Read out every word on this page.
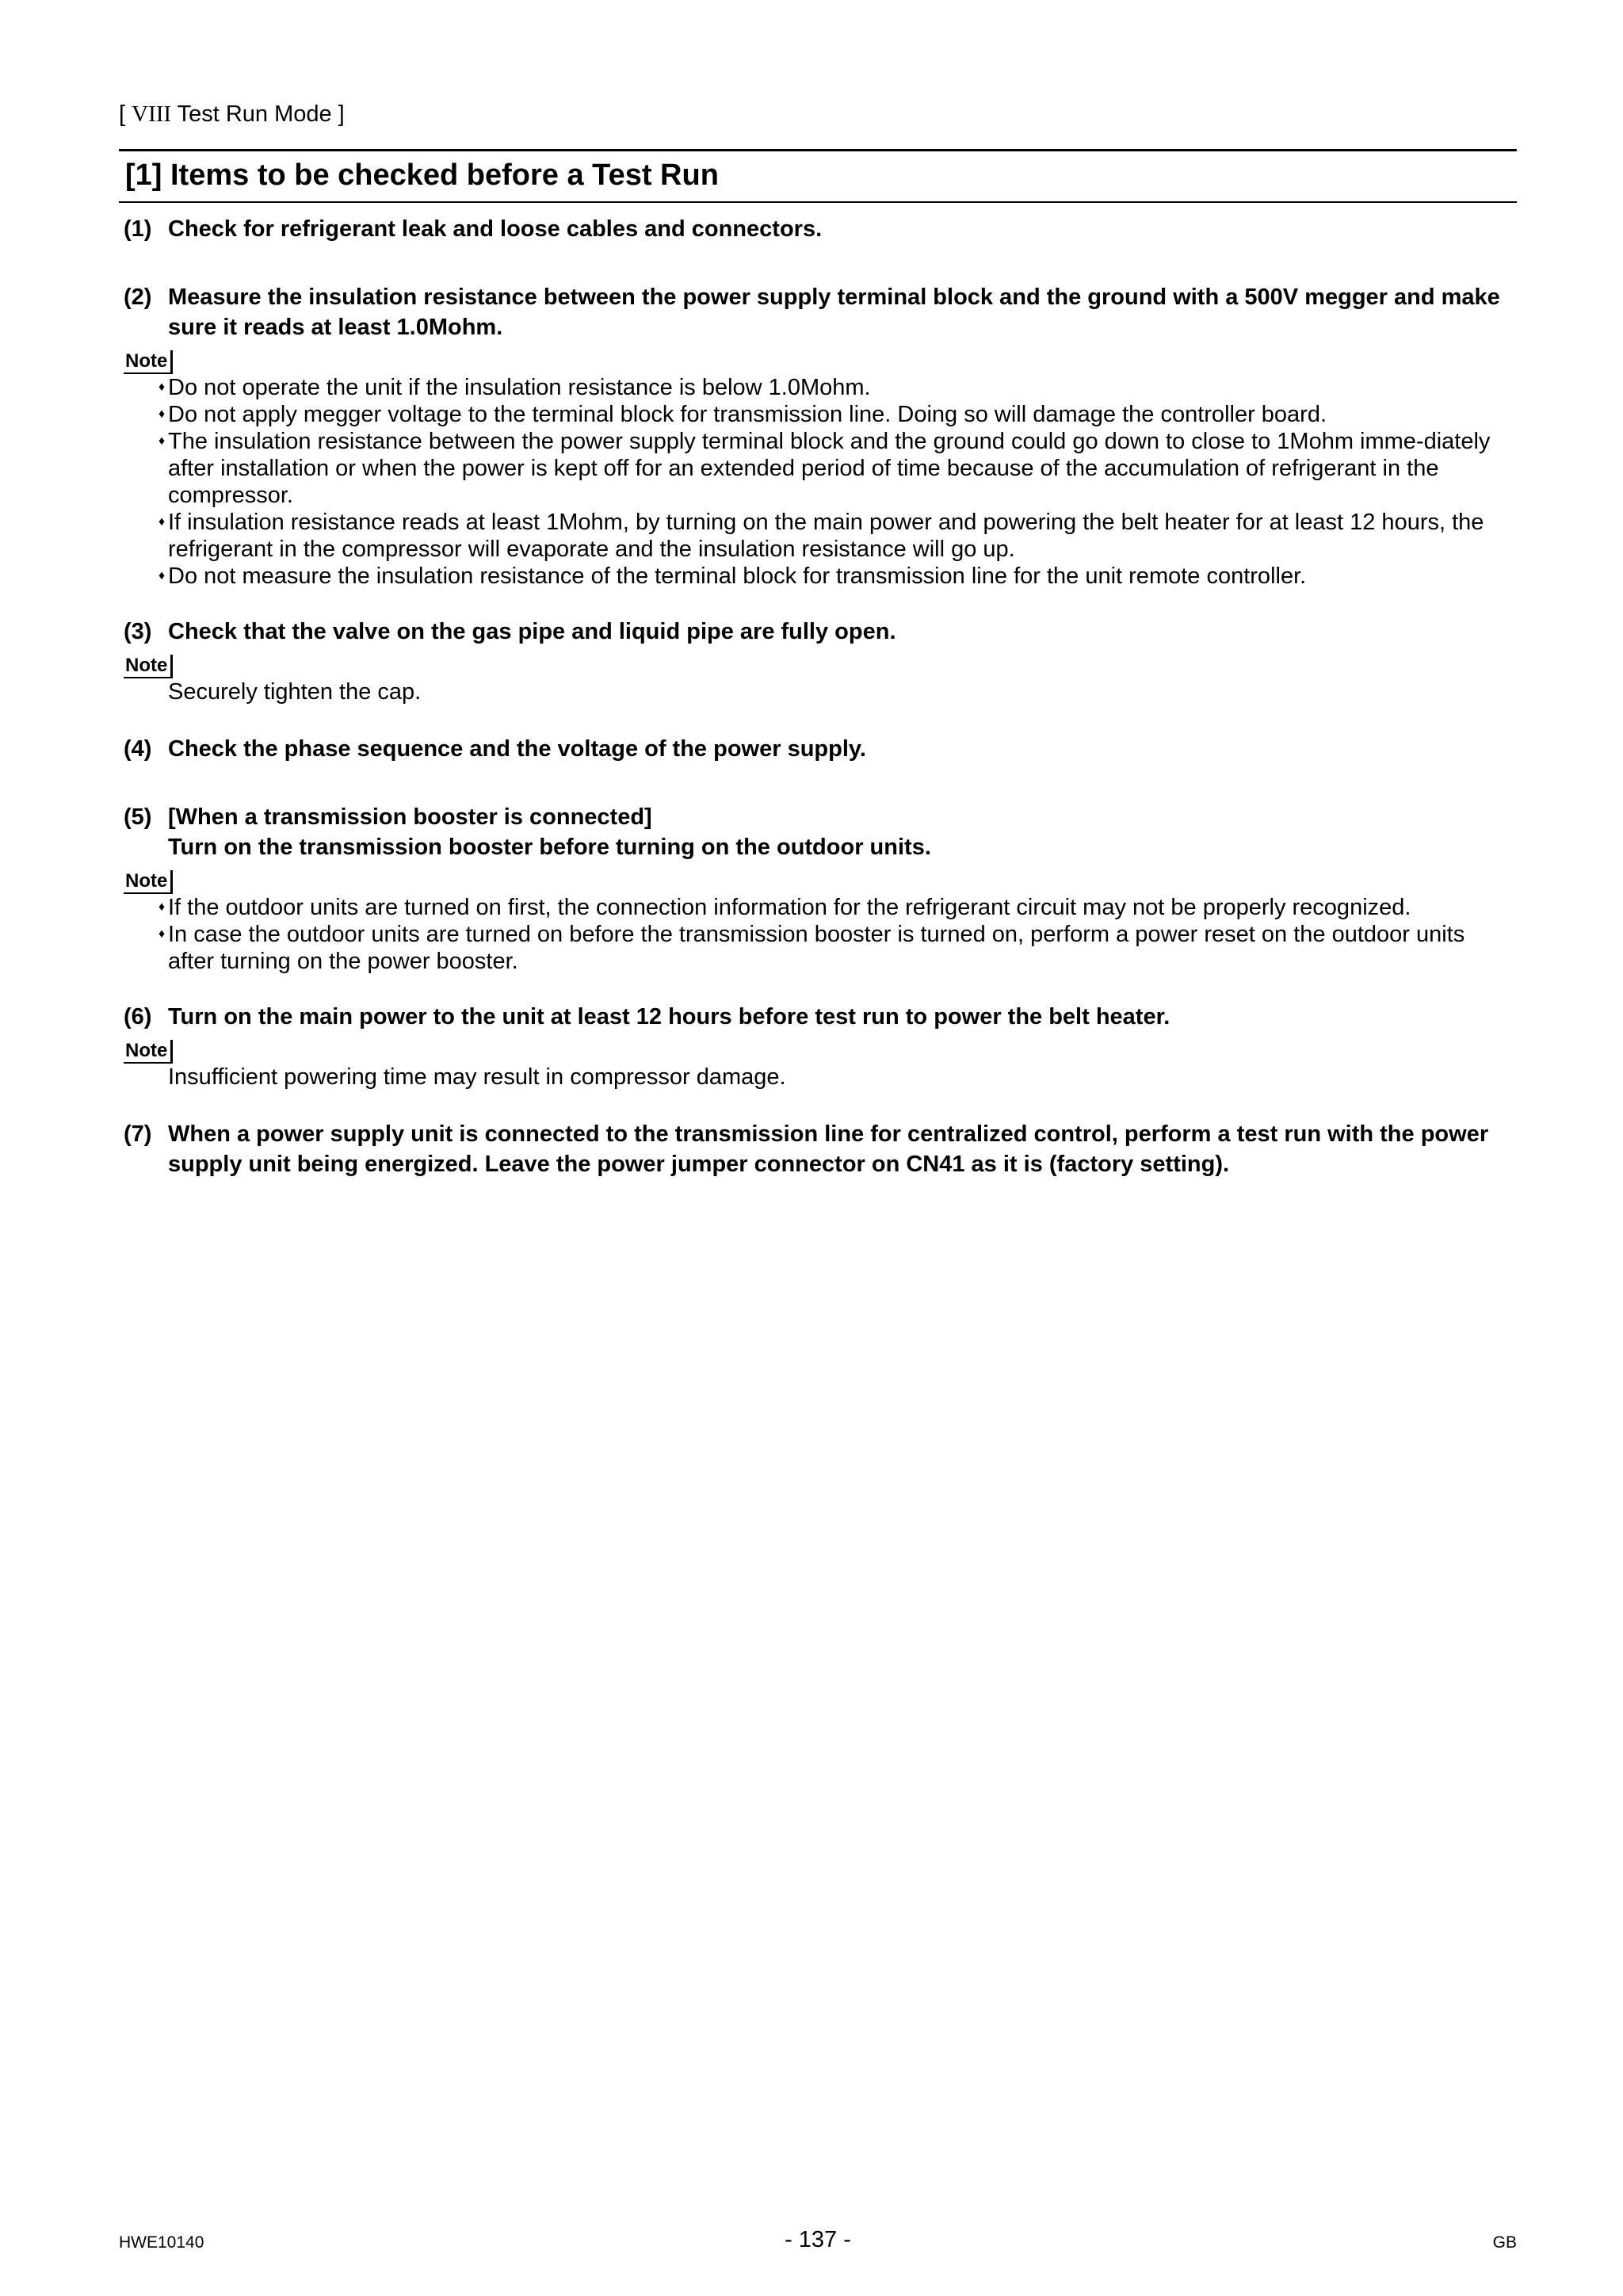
[ VIII Test Run Mode ]
[1] Items to be checked before a Test Run
(1) Check for refrigerant leak and loose cables and connectors.
(2) Measure the insulation resistance between the power supply terminal block and the ground with a 500V megger and make sure it reads at least 1.0Mohm.
Note
♦ Do not operate the unit if the insulation resistance is below 1.0Mohm.
♦ Do not apply megger voltage to the terminal block for transmission line. Doing so will damage the controller board.
♦ The insulation resistance between the power supply terminal block and the ground could go down to close to 1Mohm imme-diately after installation or when the power is kept off for an extended period of time because of the accumulation of refrigerant in the compressor.
♦ If insulation resistance reads at least 1Mohm, by turning on the main power and powering the belt heater for at least 12 hours, the refrigerant in the compressor will evaporate and the insulation resistance will go up.
♦ Do not measure the insulation resistance of the terminal block for transmission line for the unit remote controller.
(3) Check that the valve on the gas pipe and liquid pipe are fully open.
Note
Securely tighten the cap.
(4) Check the phase sequence and the voltage of the power supply.
(5) [When a transmission booster is connected]
Turn on the transmission booster before turning on the outdoor units.
Note
♦ If the outdoor units are turned on first, the connection information for the refrigerant circuit may not be properly recognized.
♦ In case the outdoor units are turned on before the transmission booster is turned on, perform a power reset on the outdoor units after turning on the power booster.
(6) Turn on the main power to the unit at least 12 hours before test run to power the belt heater.
Note
Insufficient powering time may result in compressor damage.
(7) When a power supply unit is connected to the transmission line for centralized control, perform a test run with the power supply unit being energized. Leave the power jumper connector on CN41 as it is (factory setting).
HWE10140	- 137 -	GB
